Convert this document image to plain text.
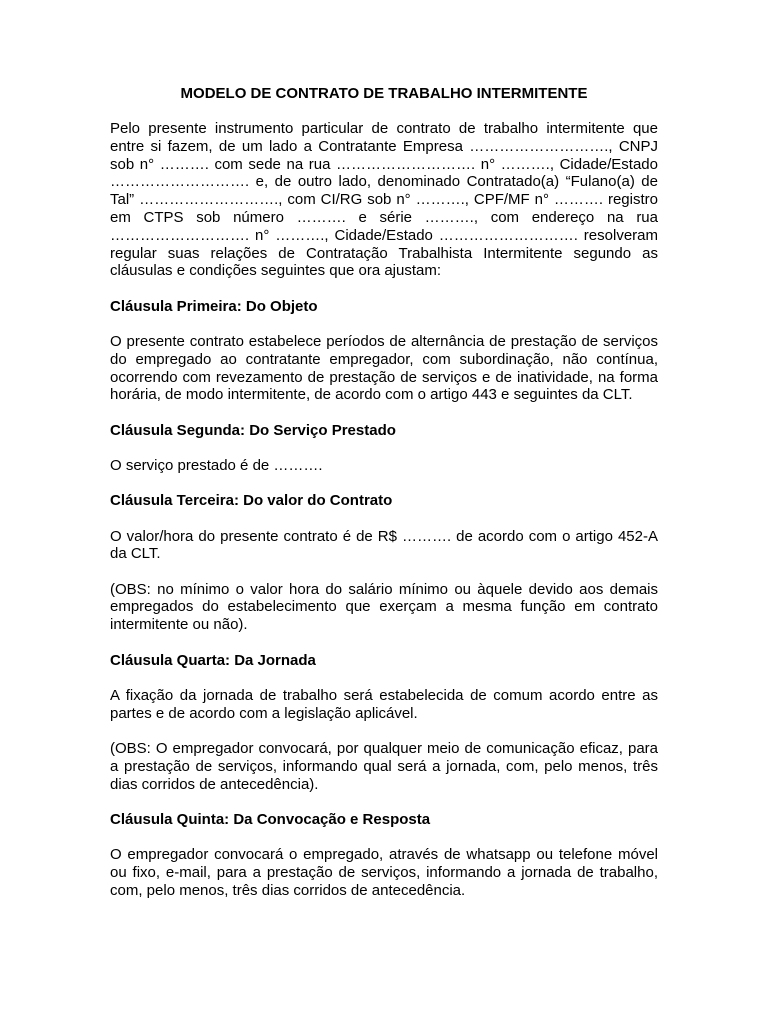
MODELO DE CONTRATO DE TRABALHO INTERMITENTE

Pelo presente instrumento particular de contrato de trabalho intermitente que entre si fazem, de um lado a Contratante Empresa ………………………., CNPJ sob n° ………. com sede na rua ………………………. n° ………., Cidade/Estado ………………………. e, de outro lado, denominado Contratado(a) “Fulano(a) de Tal” ………………………., com CI/RG sob n° ………., CPF/MF n° ………. registro em CTPS sob número ………. e série ………., com endereço na rua ………………………. n° ………., Cidade/Estado ………………………. resolveram regular suas relações de Contratação Trabalhista Intermitente segundo as cláusulas e condições seguintes que ora ajustam:

Cláusula Primeira: Do Objeto

O presente contrato estabelece períodos de alternância de prestação de serviços do empregado ao contratante empregador, com subordinação, não contínua, ocorrendo com revezamento de prestação de serviços e de inatividade, na forma horária, de modo intermitente, de acordo com o artigo 443 e seguintes da CLT.

Cláusula Segunda: Do Serviço Prestado

O serviço prestado é de ……….

Cláusula Terceira: Do valor do Contrato

O valor/hora do presente contrato é de R$ ………. de acordo com o artigo 452-A da CLT.

(OBS: no mínimo o valor hora do salário mínimo ou àquele devido aos demais empregados do estabelecimento que exerçam a mesma função em contrato intermitente ou não).

Cláusula Quarta: Da Jornada

A fixação da jornada de trabalho será estabelecida de comum acordo entre as partes e de acordo com a legislação aplicável.

(OBS: O empregador convocará, por qualquer meio de comunicação eficaz, para a prestação de serviços, informando qual será a jornada, com, pelo menos, três dias corridos de antecedência).

Cláusula Quinta: Da Convocação e Resposta

O empregador convocará o empregado, através de whatsapp ou telefone móvel ou fixo, e-mail, para a prestação de serviços, informando a jornada de trabalho, com, pelo menos, três dias corridos de antecedência.
